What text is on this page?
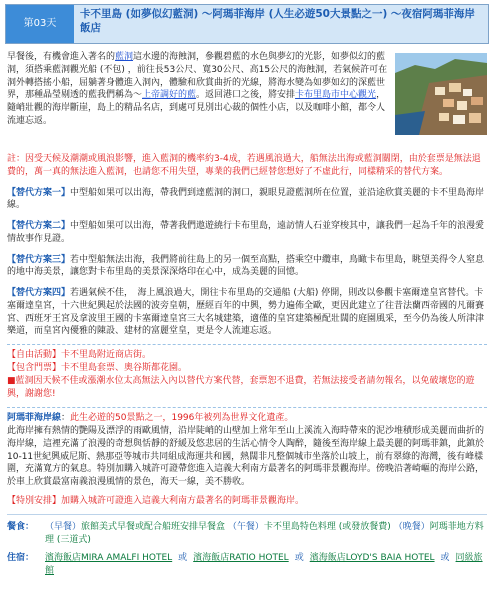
第03天
卡不里島 (如夢似幻藍洞) ～阿瑪菲海岸 (人生必遊50大景點之一) ～夜宿阿瑪菲海岸飯店
早餐後，有機會進入著名的藍洞這水邊的海蝕洞，參觀碧藍的水色與夢幻的光影，如夢似幻的藍洞，須搭乘藍洞觀光船 (不包) ，前往長53公尺、寬30公尺、高15公尺的海蝕洞，若氣候許可在洞外轉搭搖小船，屈躺著身體進入洞內，體驗和欣賞曲折的光線，將海水變為如夢如幻的深藍世界，那種晶瑩剔透的藍我們稱為～上帝調好的藍。返回港口之後，將安排卡布里島市中心觀光，隨峭壯觀的海岸斷崖，島上的精品名店，到處可見別出心裁的個性小店，以及咖啡小館，都令人流連忘返。
註：因受天候及潮潮或風浪影響，進入藍洞的機率約3-4成，若遇風浪過大，船無法出海或藍洞關閉，由於套票是無法退費的，萬一真的無法進入藍洞，也請您不用失望，專業的我們已經替您想好了不虛此行，同樣精采的替代方案。
【替代方案一】中型船如果可以出海，帶我們到達藍洞的洞口，親眼見證藍洞所在位置，並沿途欣賞美麗的卡不里島海岸線。
【替代方案二】中型船如果可以出海，帶著我們遨遊繞行卡布里島，遠訪情人石並穿梭其中，讓我們一起為千年的浪漫愛情故事作見證。
【替代方案三】若中型船無法出海，我們將前往島上的另一個至高點，搭乘空中纜車，鳥瞰卡布里島，眺望美得令人窒息的地中海美景，讓您對卡布里島的美景深深烙印在心中，成為美麗的回憶。
【替代方案四】若遇氣候不佳，　海上風浪過大，開往卡布里島的交通船 (大船) 停開，則改以參觀卡塞爾達皇宮替代。卡塞爾達皇宮，十六世紀興起於法國的波旁皇朝，歷經百年的中興，勢力遍佈全歐，更因此建立了往昔法蘭西帝國的凡爾賽宮、西班牙王宮及拿波里王國的卡塞爾達皇宮三大名城建築，適僅的皇宮建築極配壯闊的庭園風采，至今仍為後人所津津樂道，而皇宮內優雅的陳設、建材的富麗堂皇，更是令人流連忘返。
【自由活動】卡不里島附近商店街。
【包含門票】卡不里島套票、奧谷斯都花園。
■藍洞因天候不佳或漲潮水位太高無法入內以替代方案代替，套票恕不退費，若無法接受者請勿報名，以免破壞您的遊興，謝謝您!
阿瑪菲海岸線：此生必遊的50景點之一，1996年被列為世界文化遺產。
此海岸擁有熱情的艷陽及漂浮的雨歐風情，沿岸陡峭的山壁加上常年至山上溪流入海時帶來的泥沙堆積形成美麗而曲折的海岸線，這裡充滿了浪漫的奇想與恬靜的舒緩及悠悲居的生活心情令人陶醉，隨後至海岸線上最美麗的阿瑪菲鎮，此鎮於10-11世紀興威尼斯、熱那亞等城市共同組成海運共和國，熱闊非凡整個城市坐落於山坡上，前有翠綠的海灣，後有峰樣圍，充滿寬方的氣息。特別加購入城許可證帶您進入這義大利南方最著名的阿瑪菲景觀海岸。傍晚沿著崎嶇的海岸公路，於車上欣賞最富南義浪漫風情的景色，海天一線，美不勝收。
【特別安排】加購入城許可證進入這義大利南方最著名的阿瑪菲景觀海岸。
餐食：	（早餐）旅館美式早餐或配合船班安排早餐盒 （午餐）卡不里島特色料理 (或發放餐費) （晚餐）阿瑪菲地方料理 (三道式)
住宿：	濱海飯店MIRA AMALFI HOTEL 或 濱海飯店RATIO HOTEL 或 濱海飯店LOYD'S BAIA HOTEL 或 同級旅館
